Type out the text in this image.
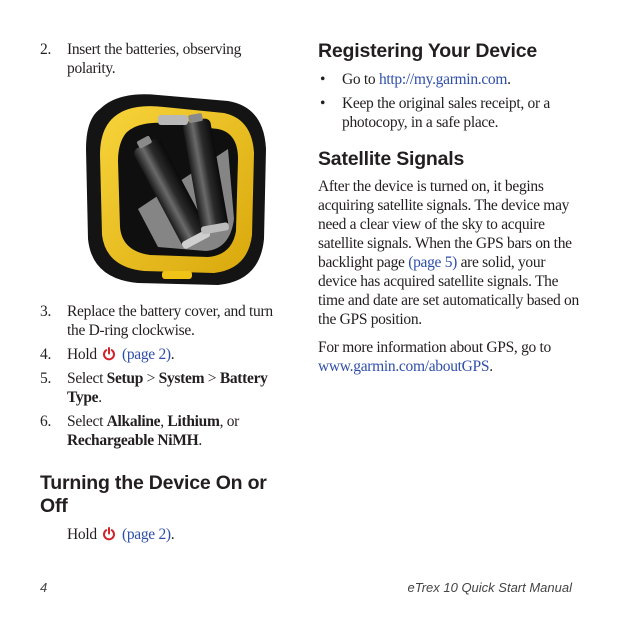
2. Insert the batteries, observing polarity.
3. Replace the battery cover, and turn the D-ring clockwise.
4. Hold (page 2).
5. Select Setup > System > Battery Type.
6. Select Alkaline, Lithium, or Rechargeable NiMH.
Turning the Device On or Off
Hold (page 2).
Registering Your Device
• Go to http://my.garmin.com.
• Keep the original sales receipt, or a photocopy, in a safe place.
Satellite Signals
After the device is turned on, it begins acquiring satellite signals. The device may need a clear view of the sky to acquire satellite signals. When the GPS bars on the backlight page (page 5) are solid, your device has acquired satellite signals. The time and date are set automatically based on the GPS position.
For more information about GPS, go to www.garmin.com/aboutGPS.
4	eTrex 10 Quick Start Manual
